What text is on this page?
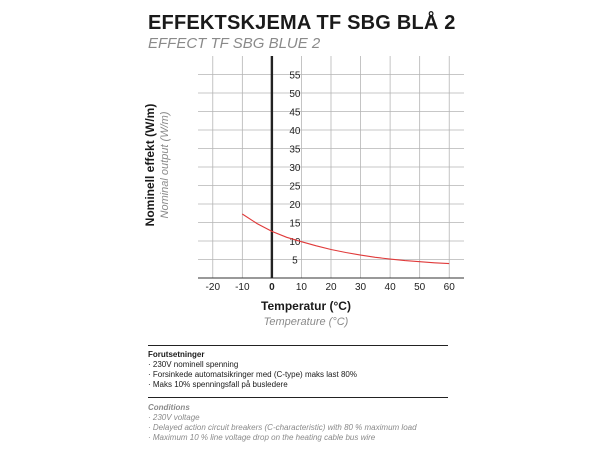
EFFEKTSKJEMA TF SBG BLÅ 2
EFFECT TF SBG BLUE 2
-20 -10 0 10 20 30 40 50 60
5
10
15
20
25
30
35
40
45
50
55
Nominell effekt (W/m) Nominal output (W/m)
Temperatur (°C)
Temperature (°C)
Forutsetninger
· 230V nominell spenning
· Forsinkede automatsikringer med (C-type) maks last 80%
· Maks 10% spenningsfall på busledere
Conditions
· 230V voltage
· Delayed action circuit breakers (C-characteristic) with 80 % maximum load
· Maximum 10 % line voltage drop on the heating cable bus wire
